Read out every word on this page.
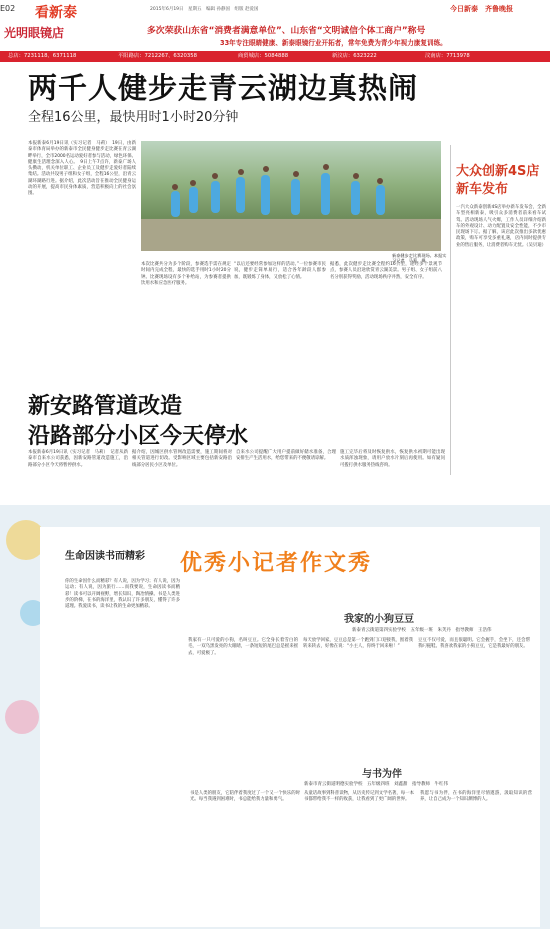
E02 看新泰	2015年6月19日　星期五　编辑 孙静国　组版 赵爱国	今日新泰　齐鲁晚报
光明眼镜店	多次荣获山东省“消费者满意单位”、山东省“文明诚信个体工商户”称号
33年专注眼睛健康、新泰眼镜行业开拓者，常年免费为青少年视力康复训练。
总店：7231118、6371118	平阳路店：7212267、6320358	商贸城店：5084888	新汶店：6323222	汶南店：7713978
两千人健步走青云湖边真热闹
全程16公里，最快用时1小时20分钟
新泰健步走比赛现场。本报实习记者　马莉　摄
本报新泰6月19日讯（实习记者　马莉）　19日，由新泰市体育局举办的新泰市全民健身健步走比赛在青云湖畔举行，全市2000名运动爱好者参与活动，绿色环保、健康生活理念深入人心。　9日上午7点许，新泰广场人头攒动，机关单位职工、企业员工及健步走爱好者陆续集结。活动共设男子组和女子组，全程16公里，沿青云湖环湖路行进。据介绍，此次活动旨在推动全民健身运动的开展，提高市民身体素质，营造积极向上的社会氛围。
本次比赛共分为多个阶段，参赛选手需在规定时间内完成全程，最快的选手用时1小时20分钟。比赛现场设有多个补给站，为参赛者提供饮用水和应急医疗服务。
“以后还要经常参加这样的活动。”一位参赛市民说，健步走简单易行，适合各年龄段人群参加，既锻炼了身体，又放松了心情。
据悉，此次健步走比赛全程约16公里，途经多个景观节点，参赛人员沿途欣赏青云湖美景。男子组、女子组前八名分别获得奖励，活动现场秩序井然，安全有序。
大众创新4S店新车发布
一汽大众新泰创新4S店举办新车发布会，全新车型亮相新泰，吸引众多消费者前来看车试驾。活动现场人气火爆，工作人员详细介绍新车的外观设计、动力配置及安全性能，不少市民现场下订。据了解，该店此次推出多款优惠政策，购车可享受多重礼遇，店内同时提供专业的售后服务，让消费者购车无忧。（吴贝迪）
新安路管道改造
沿路部分小区今天停水
本报新泰6月19日讯（实习记者　马莉）　记者从新泰市自来水公司获悉，因新安路管道改造施工，沿路部分小区今天将暂停供水。
据介绍，因城区供水管网改造需要，施工期间将对相关管道进行切改。受影响区域主要包括新安路沿线部分居民小区及单位。
自来水公司提醒广大用户提前做好储水准备，合理安排生产生活用水，给您带来的不便敬请谅解。
施工完毕后将及时恢复供水，恢复供水初期可能出现水质浑浊现象，请用户放水片刻后再使用。如有疑问可拨打供水服务热线咨询。
优秀小记者作文秀
生命因读书而精彩
你的生命因什么而精彩？有人说，因为学习；有人说，因为运动；有人说，因为旅行……而我要说，生命因读书而精彩！读书可以开阔视野，增长知识，陶冶情操。书是人类进步的阶梯，在书的海洋里，我认识了许多朋友，懂得了许多道理。我爱读书，读书让我的生命更加精彩。
我家的小狗豆豆
新泰青云街道第四实验学校　五年级一班　朱芙丹　指导教师　王浩伟
我家有一只可爱的小狗，名叫豆豆。它全身长着雪白的毛，一双乌黑发亮的大眼睛，一条短短的尾巴总是摇来摇去，可爱极了。
每天放学回家，豆豆总是第一个跑到门口迎接我，围着我转来转去，好像在说：“小主人，你终于回来啦！”
豆豆不仅可爱，而且很聪明。它会握手，会坐下，还会帮我叼拖鞋。我喜欢我家的小狗豆豆，它是我最好的朋友。
与书为伴
新泰市青云街道明德实验学校　五年级四班　刘鑫甜　指导教师　牛红伟
书是人类的朋友，它陪伴着我度过了一个又一个快乐的时光。每当我遇到困难时，书总能给我力量和勇气。
从童话故事到科普读物，从历史传记到文学名著，每一本书都带给我不一样的收获，让我看到了更广阔的世界。
我愿与书为伴，在书的海洋里尽情遨游，汲取知识的营养，让自己成为一个知识渊博的人。
